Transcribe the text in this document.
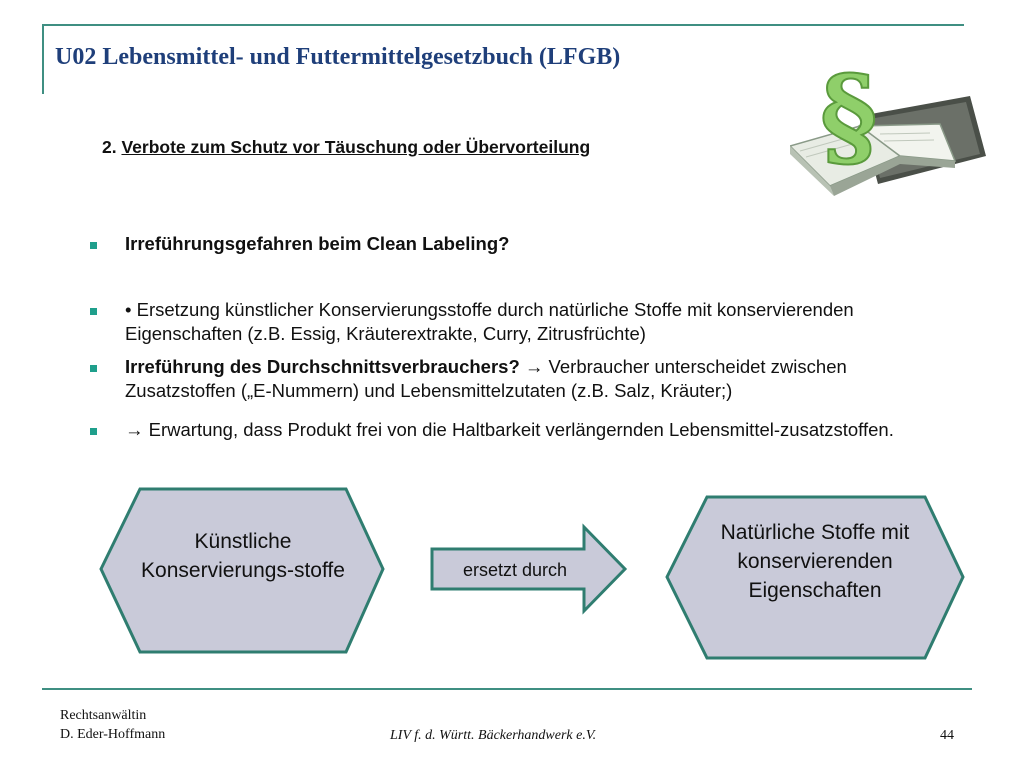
U02 Lebensmittel- und Futtermittelgesetzbuch (LFGB) §
2. Verbote zum Schutz vor Täuschung oder Übervorteilung
Irreführungsgefahren beim Clean Labeling?
• Ersetzung künstlicher Konservierungsstoffe durch natürliche Stoffe mit konservierenden Eigenschaften (z.B. Essig, Kräuterextrakte, Curry, Zitrusfrüchte)
Irreführung des Durchschnittsverbrauchers? → Verbraucher unterscheidet zwischen Zusatzstoffen („E-Nummern) und Lebensmittelzutaten (z.B. Salz, Kräuter;)
→ Erwartung, dass Produkt frei von die Haltbarkeit verlängernden Lebensmittel-zusatzstoffen.
Künstliche Konservierungs-stoffe	ersetzt durch
Natürliche Stoffe mit konservierenden Eigenschaften
Rechtsanwältin
D. Eder-Hoffmann	LIV f. d. Württ. Bäckerhandwerk e.V.	44
